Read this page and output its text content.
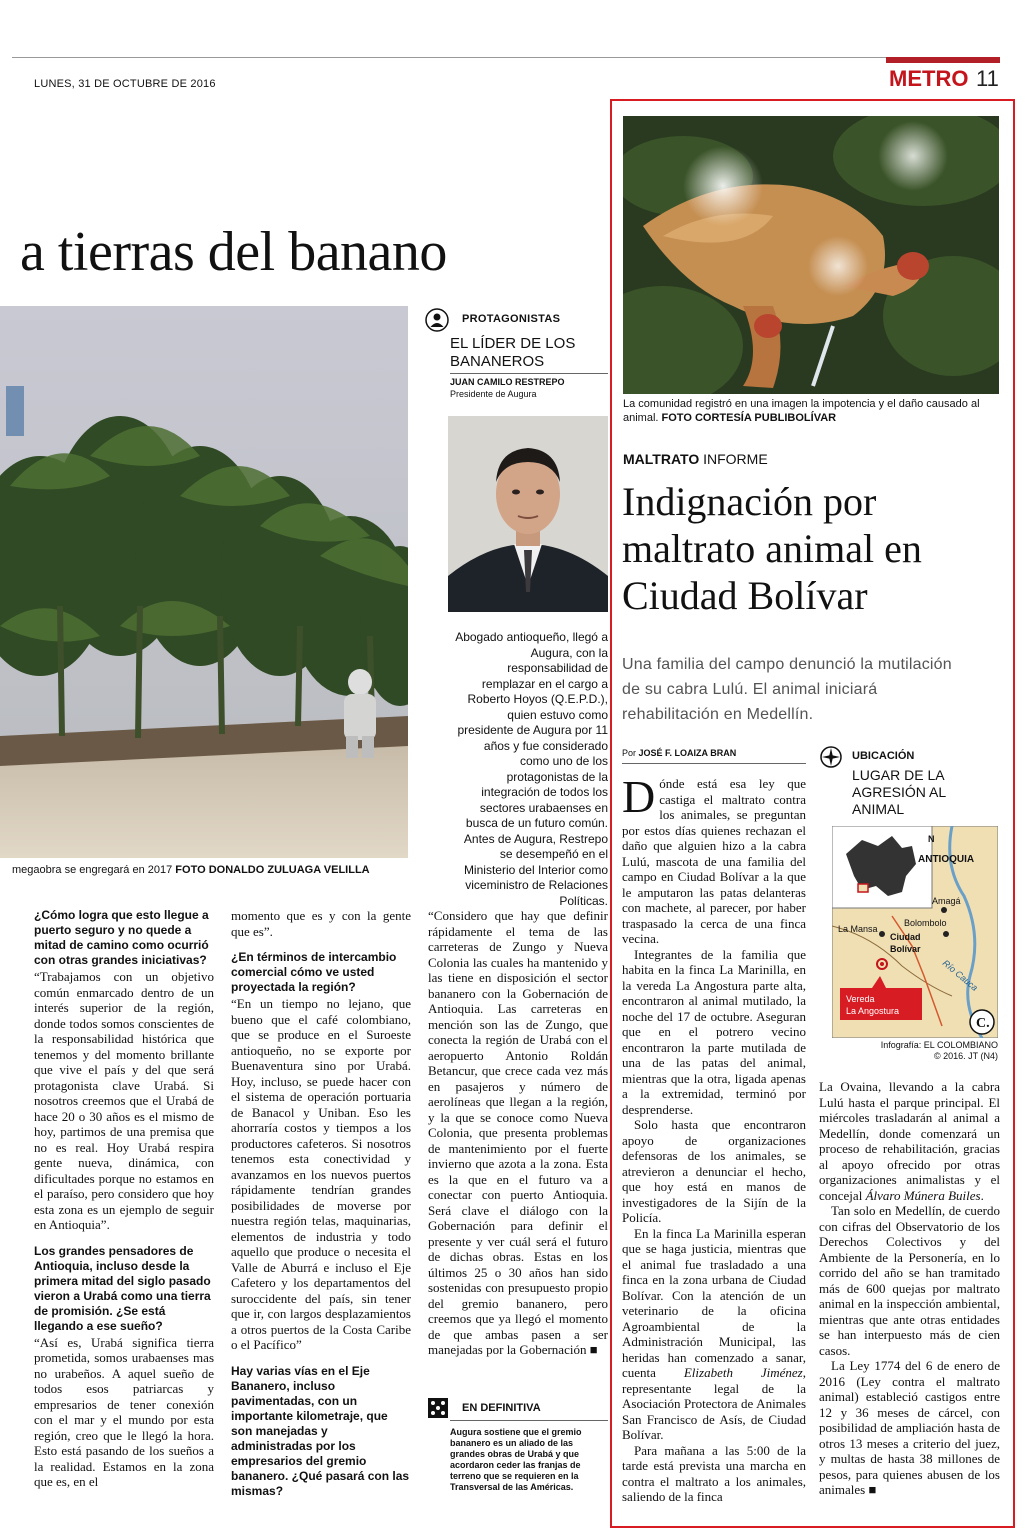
LUNES, 31 DE OCTUBRE DE 2016	METRO 11
a tierras del banano
megaobra se engregará en 2017 FOTO DONALDO ZULUAGA VELILLA
PROTAGONISTAS
EL LÍDER DE LOS BANANEROS
JUAN CAMILO RESTREPO
Presidente de Augura
Abogado antioqueño, llegó a Augura, con la responsabilidad de remplazar en el cargo a Roberto Hoyos (Q.E.P.D.), quien estuvo como presidente de Augura por 11 años y fue considerado como uno de los protagonistas de la integración de todos los sectores urabaenses en busca de un futuro común. Antes de Augura, Restrepo se desempeñó en el Ministerio del Interior como viceministro de Relaciones Políticas.

¿Cómo logra que esto llegue a puerto seguro y no quede a mitad de camino como ocurrió con otras grandes iniciativas?

“Trabajamos con un objetivo común enmarcado dentro de un interés superior de la región, donde todos somos conscientes de la responsabilidad histórica que tenemos y del momento brillante que vive el país y del que será protagonista clave Urabá. Si nosotros creemos que el Urabá de hace 20 o 30 años es el mismo de hoy, partimos de una premisa que no es real. Hoy Urabá respira gente nueva, dinámica, con dificultades porque no estamos en el paraíso, pero considero que hoy esta zona es un ejemplo de seguir en Antioquia”.

Los grandes pensadores de Antioquia, incluso desde la primera mitad del siglo pasado vieron a Urabá como una tierra de promisión. ¿Se está llegando a ese sueño?

“Así es, Urabá significa tierra prometida, somos urabaenses mas no urabeños. A aquel sueño de todos esos patriarcas y empresarios de tener conexión con el mar y el mundo por esta región, creo que le llegó la hora. Esto está pasando de los sueños a la realidad. Estamos en la zona que es, en el

momento que es y con la gente que es”.

¿En términos de intercambio comercial cómo ve usted proyectada la región?

“En un tiempo no lejano, que bueno que el café colombiano, que se produce en el Suroeste antioqueño, no se exporte por Buenaventura sino por Urabá. Hoy, incluso, se puede hacer con el sistema de operación portuaria de Banacol y Uniban. Eso les ahorraría costos y tiempos a los productores cafeteros. Si nosotros tenemos esta conectividad y avanzamos en los nuevos puertos rápidamente tendrían grandes posibilidades de moverse por nuestra región telas, maquinarias, elementos de industria y todo aquello que produce o necesita el Valle de Aburrá e incluso el Eje Cafetero y los departamentos del suroccidente del país, sin tener que ir, con largos desplazamientos a otros puertos de la Costa Caribe o el Pacífico”

Hay varias vías en el Eje Bananero, incluso pavimentadas, con un importante kilometraje, que son manejadas y administradas por los empresarios del gremio bananero. ¿Qué pasará con las mismas?

“Considero que hay que definir rápidamente el tema de las carreteras de Zungo y Nueva Colonia las cuales ha mantenido y las tiene en disposición el sector bananero con la Gobernación de Antioquia. Las carreteras en mención son las de Zungo, que conecta la región de Urabá con el aeropuerto Antonio Roldán Betancur, que crece cada vez más en pasajeros y número de aerolíneas que llegan a la región, y la que se conoce como Nueva Colonia, que presenta problemas de mantenimiento por el fuerte invierno que azota a la zona. Esta es la que en el futuro va a conectar con puerto Antioquia. Será clave el diálogo con la Gobernación para definir el presente y ver cuál será el futuro de dichas obras. Estas en los últimos 25 o 30 años han sido sostenidas con presupuesto propio del gremio bananero, pero creemos que ya llegó el momento de que ambas pasen a ser manejadas por la Gobernación ■

EN DEFINITIVA
Augura sostiene que el gremio bananero es un aliado de las grandes obras de Urabá y que acordaron ceder las franjas de terreno que se requieren en la Transversal de las Américas.
La comunidad registró en una imagen la impotencia y el daño causado al animal. FOTO CORTESÍA PUBLIBOLÍVAR
MALTRATO INFORME
Indignación por maltrato animal en Ciudad Bolívar
Una familia del campo denunció la mutilación de su cabra Lulú. El animal iniciará rehabilitación en Medellín.
Por JOSÉ F. LOAIZA BRAN

Dónde está esa ley que castiga el maltrato contra los animales, se preguntan por estos días quienes rechazan el daño que alguien hizo a la cabra Lulú, mascota de una familia del campo en Ciudad Bolívar a la que le amputaron las patas delanteras con machete, al parecer, por haber traspasado la cerca de una finca vecina.

Integrantes de la familia que habita en la finca La Marinilla, en la vereda La Angostura parte alta, encontraron al animal mutilado, la noche del 17 de octubre. Aseguran que en el potrero vecino encontraron la parte mutilada de una de las patas del animal, mientras que la otra, ligada apenas a la extremidad, terminó por desprenderse.

Solo hasta que encontraron apoyo de organizaciones defensoras de los animales, se atrevieron a denunciar el hecho, que hoy está en manos de investigadores de la Sijín de la Policía.

En la finca La Marinilla esperan que se haga justicia, mientras que el animal fue trasladado a una finca en la zona urbana de Ciudad Bolívar. Con la atención de un veterinario de la oficina Agroambiental de la Administración Municipal, las heridas han comenzado a sanar, cuenta Elizabeth Jiménez, representante legal de la Asociación Protectora de Animales San Francisco de Asís, de Ciudad Bolívar.

Para mañana a las 5:00 de la tarde está prevista una marcha en contra el maltrato a los animales, saliendo de la finca

La Ovaina, llevando a la cabra Lulú hasta el parque principal. El miércoles trasladarán al animal a Medellín, donde comenzará un proceso de rehabilitación, gracias al apoyo ofrecido por otras organizaciones animalistas y el concejal Álvaro Múnera Builes.

Tan solo en Medellín, de cuerdo con cifras del Observatorio de los Derechos Colectivos y del Ambiente de la Personería, en lo corrido del año se han tramitado más de 600 quejas por maltrato animal en la inspección ambiental, mientras que ante otras entidades se han interpuesto más de cien casos.

La Ley 1774 del 6 de enero de 2016 (Ley contra el maltrato animal) estableció castigos entre 12 y 36 meses de cárcel, con posibilidad de ampliación hasta de otros 13 meses a criterio del juez, y multas de hasta 38 millones de pesos, para quienes abusen de los animales ■

UBICACIÓN
LUGAR DE LA AGRESIÓN AL ANIMAL
N
ANTIOQUIA
Amagá
Bolombolo
La Mansa
Ciudad
Bolívar
Río Cauca
Vereda
La Angostura
C.
Infografía: EL COLOMBIANO
© 2016. JT (N4)
